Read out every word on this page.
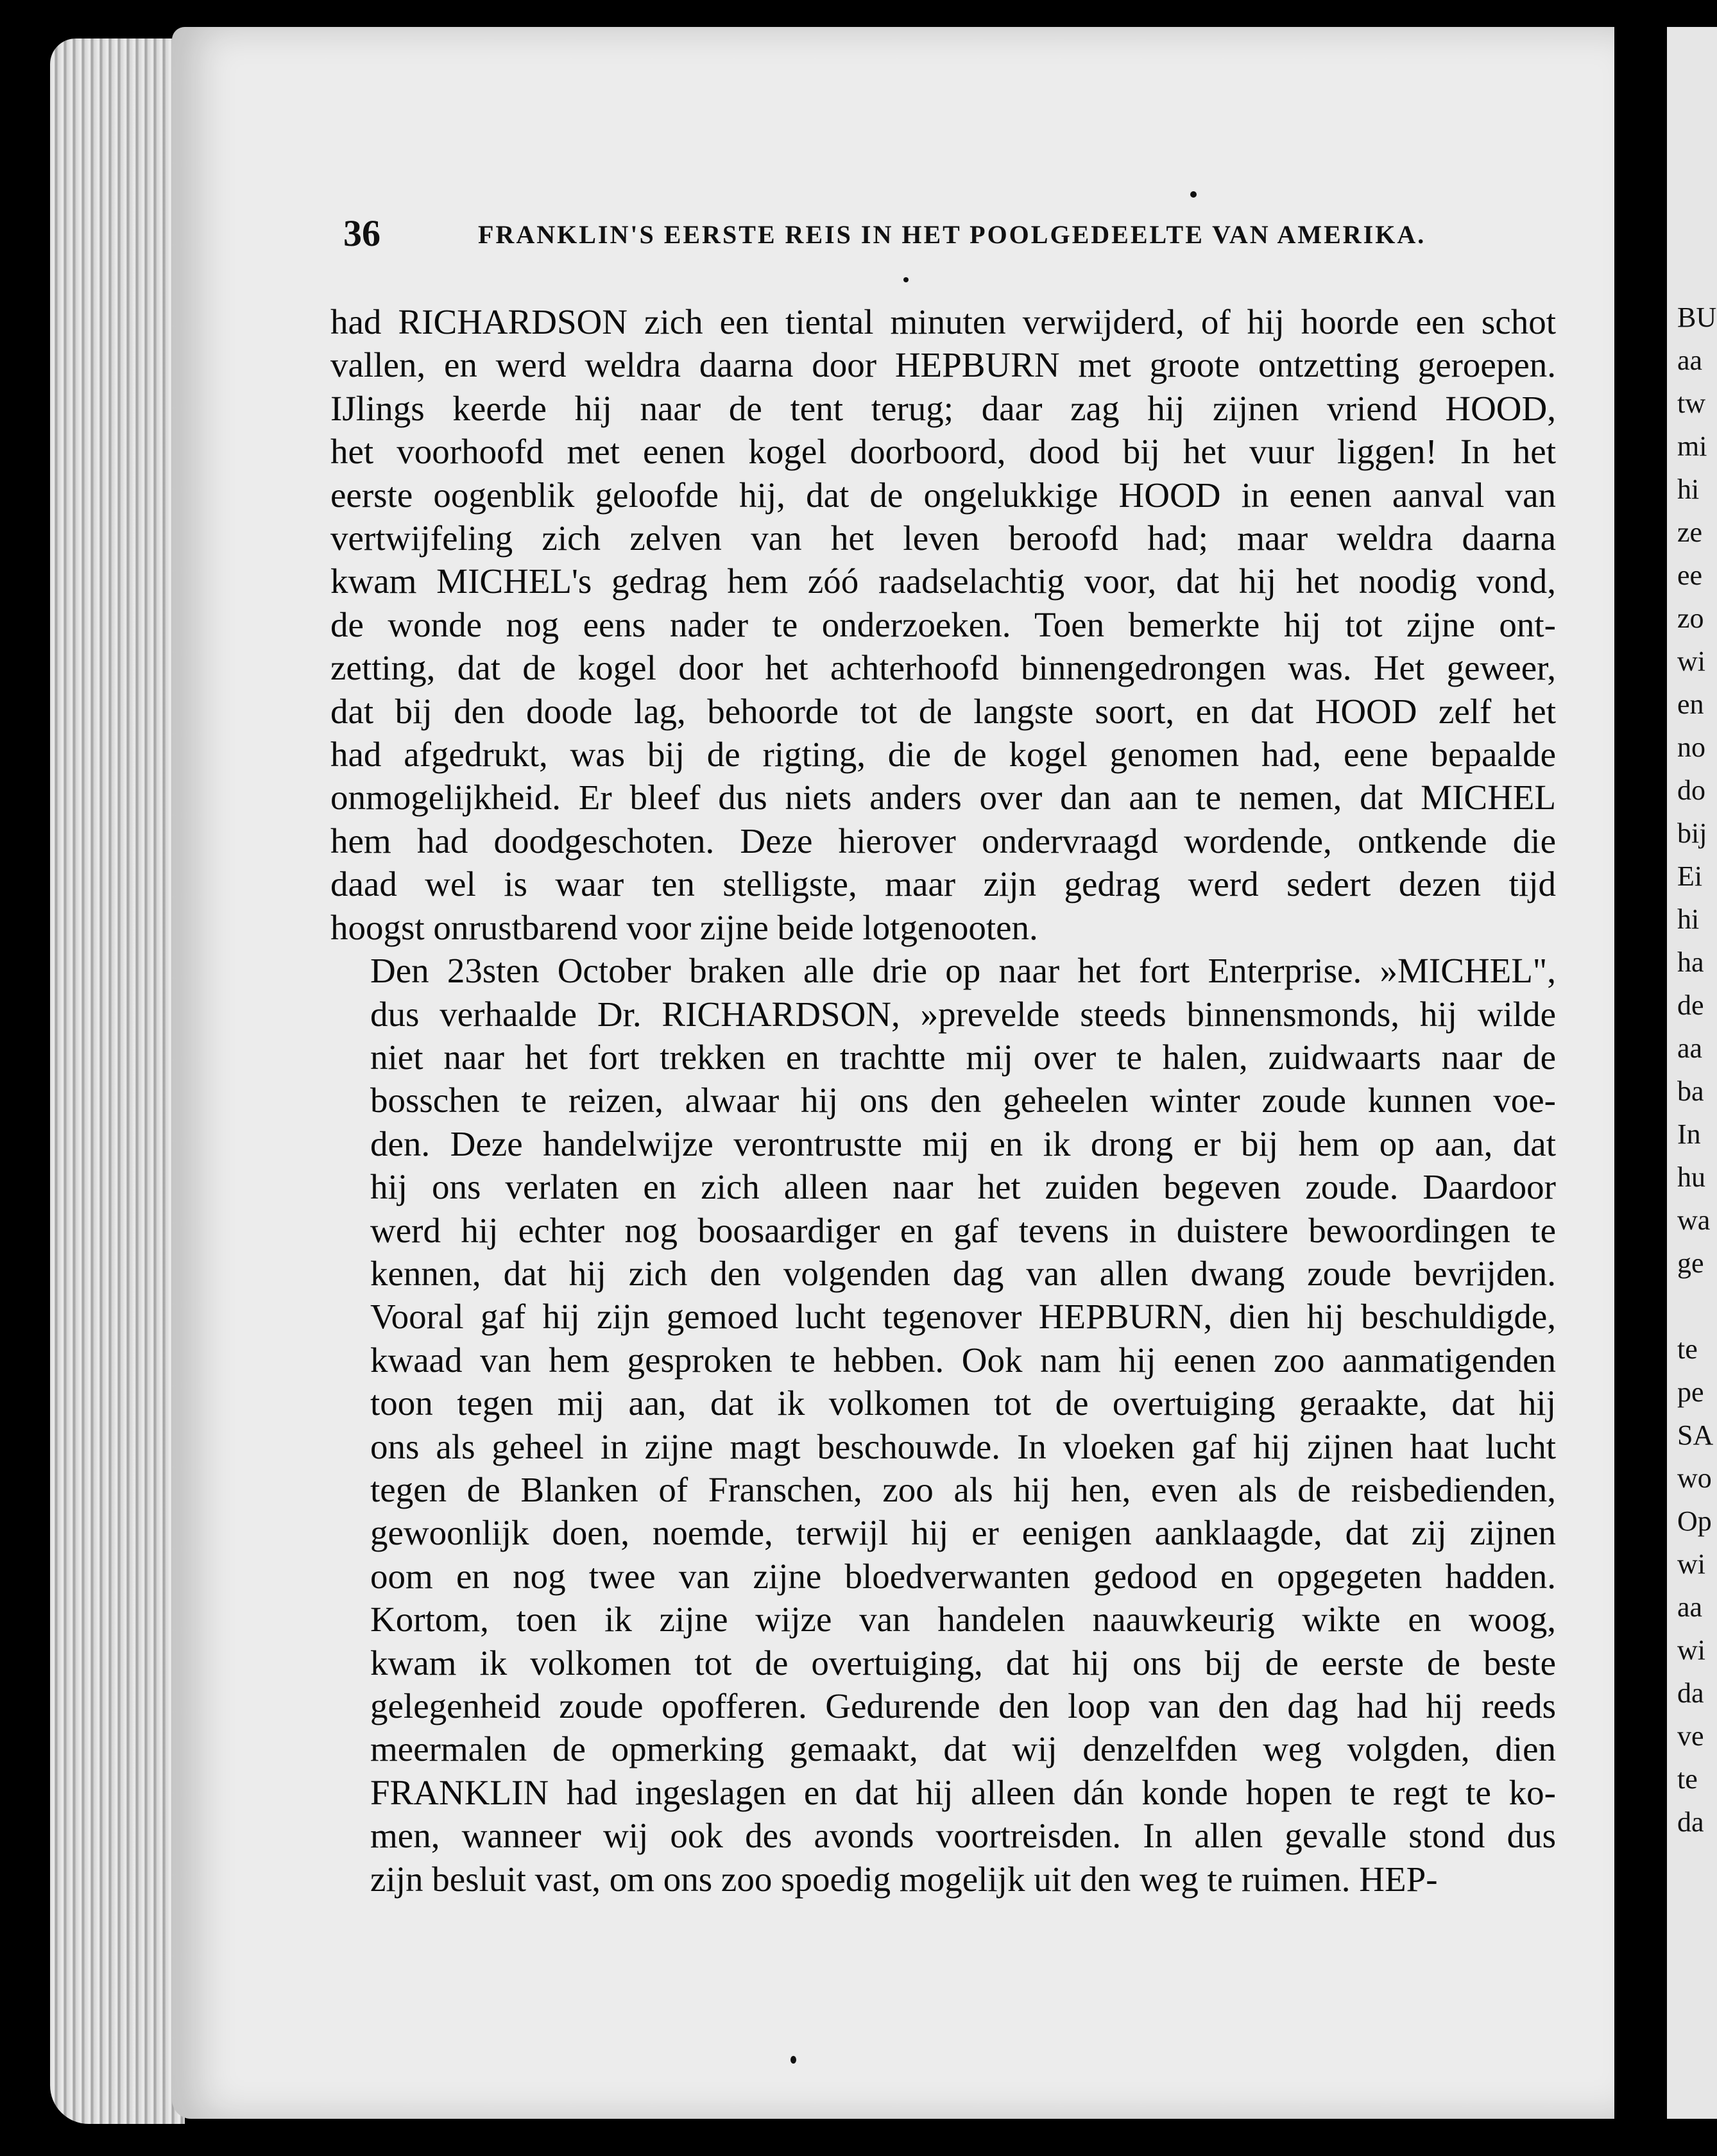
BU
aa
tw
mi
hi
ze
ee
zo
wi
en
no
do
bij
Ei
hi
ha
de
aa
ba
In
hu
wa
ge
te
pe
SA
wo
Op
wi
aa
wi
da
ve
te
da
36	FRANKLIN'S EERSTE REIS IN HET POOLGEDEELTE VAN AMERIKA.

had RICHARDSON zich een tiental minuten verwijderd, of hij hoorde een schot
vallen, en werd weldra daarna door HEPBURN met groote ontzetting geroepen.
IJlings keerde hij naar de tent terug; daar zag hij zijnen vriend HOOD,
het voorhoofd met eenen kogel doorboord, dood bij het vuur liggen! In het
eerste oogenblik geloofde hij, dat de ongelukkige HOOD in eenen aanval van
vertwijfeling zich zelven van het leven beroofd had; maar weldra daarna
kwam MICHEL's gedrag hem zóó raadselachtig voor, dat hij het noodig vond,
de wonde nog eens nader te onderzoeken. Toen bemerkte hij tot zijne ont-
zetting, dat de kogel door het achterhoofd binnengedrongen was. Het geweer,
dat bij den doode lag, behoorde tot de langste soort, en dat HOOD zelf het
had afgedrukt, was bij de rigting, die de kogel genomen had, eene bepaalde
onmogelijkheid. Er bleef dus niets anders over dan aan te nemen, dat MICHEL
hem had doodgeschoten. Deze hierover ondervraagd wordende, ontkende die
daad wel is waar ten stelligste, maar zijn gedrag werd sedert dezen tijd
hoogst onrustbarend voor zijne beide lotgenooten.

Den 23sten October braken alle drie op naar het fort Enterprise. »MICHEL",
dus verhaalde Dr. RICHARDSON, »prevelde steeds binnensmonds, hij wilde
niet naar het fort trekken en trachtte mij over te halen, zuidwaarts naar de
bosschen te reizen, alwaar hij ons den geheelen winter zoude kunnen voe-
den. Deze handelwijze verontrustte mij en ik drong er bij hem op aan, dat
hij ons verlaten en zich alleen naar het zuiden begeven zoude. Daardoor
werd hij echter nog boosaardiger en gaf tevens in duistere bewoordingen te
kennen, dat hij zich den volgenden dag van allen dwang zoude bevrijden.
Vooral gaf hij zijn gemoed lucht tegenover HEPBURN, dien hij beschuldigde,
kwaad van hem gesproken te hebben. Ook nam hij eenen zoo aanmatigenden
toon tegen mij aan, dat ik volkomen tot de overtuiging geraakte, dat hij
ons als geheel in zijne magt beschouwde. In vloeken gaf hij zijnen haat lucht
tegen de Blanken of Franschen, zoo als hij hen, even als de reisbedienden,
gewoonlijk doen, noemde, terwijl hij er eenigen aanklaagde, dat zij zijnen
oom en nog twee van zijne bloedverwanten gedood en opgegeten hadden.
Kortom, toen ik zijne wijze van handelen naauwkeurig wikte en woog,
kwam ik volkomen tot de overtuiging, dat hij ons bij de eerste de beste
gelegenheid zoude opofferen. Gedurende den loop van den dag had hij reeds
meermalen de opmerking gemaakt, dat wij denzelfden weg volgden, dien
FRANKLIN had ingeslagen en dat hij alleen dán konde hopen te regt te ko-
men, wanneer wij ook des avonds voortreisden. In allen gevalle stond dus
zijn besluit vast, om ons zoo spoedig mogelijk uit den weg te ruimen. HEP-
